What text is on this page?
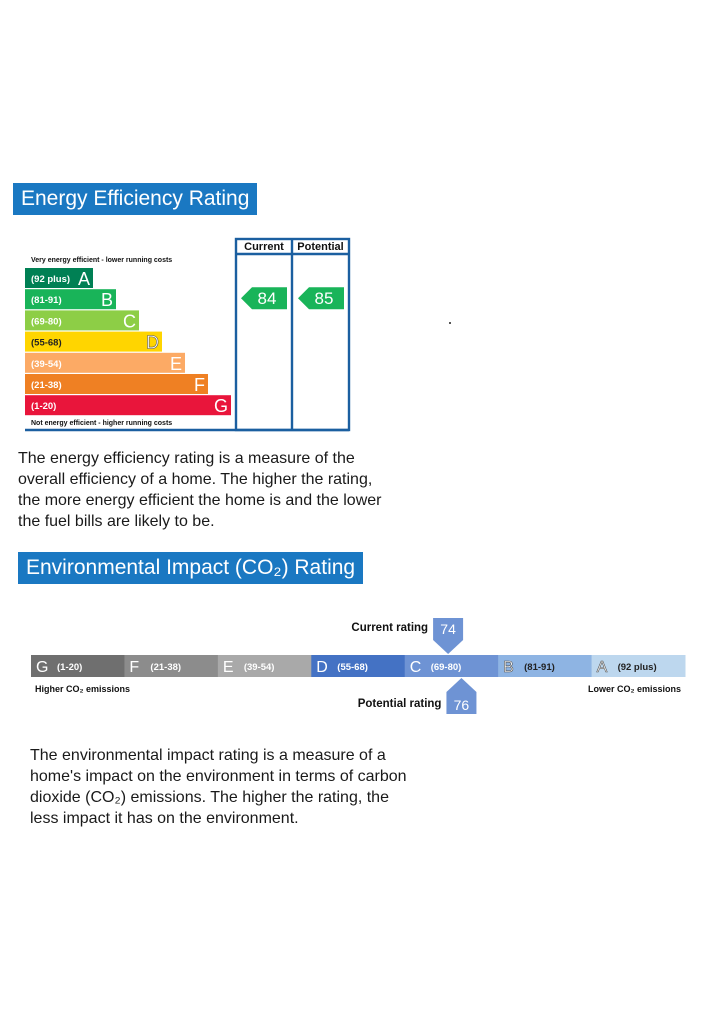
Energy Efficiency Rating
Current Potential
Very energy efficient - lower running costs
Not energy efficient - higher running costs
(92 plus) A
(81-91) B
(69-80)	C
(55-68)	D
(39-54)	E
(21-38)	F
(1-20)	G
84 85
The energy efficiency rating is a measure of the
overall efficiency of a home. The higher the rating,
the more energy efficient the home is and the lower
the fuel bills are likely to be.
Environmental Impact (CO₂) Rating
G (1-20)	F (21-38)	E (39-54)	D (55-68)	C (69-80)	B (81-91)	A (92 plus)
Higher CO₂ emissions	Lower CO₂ emissions
74
Current rating
76
Potential rating
The environmental impact rating is a measure of a
home's impact on the environment in terms of carbon
dioxide (CO₂) emissions. The higher the rating, the
less impact it has on the environment.
